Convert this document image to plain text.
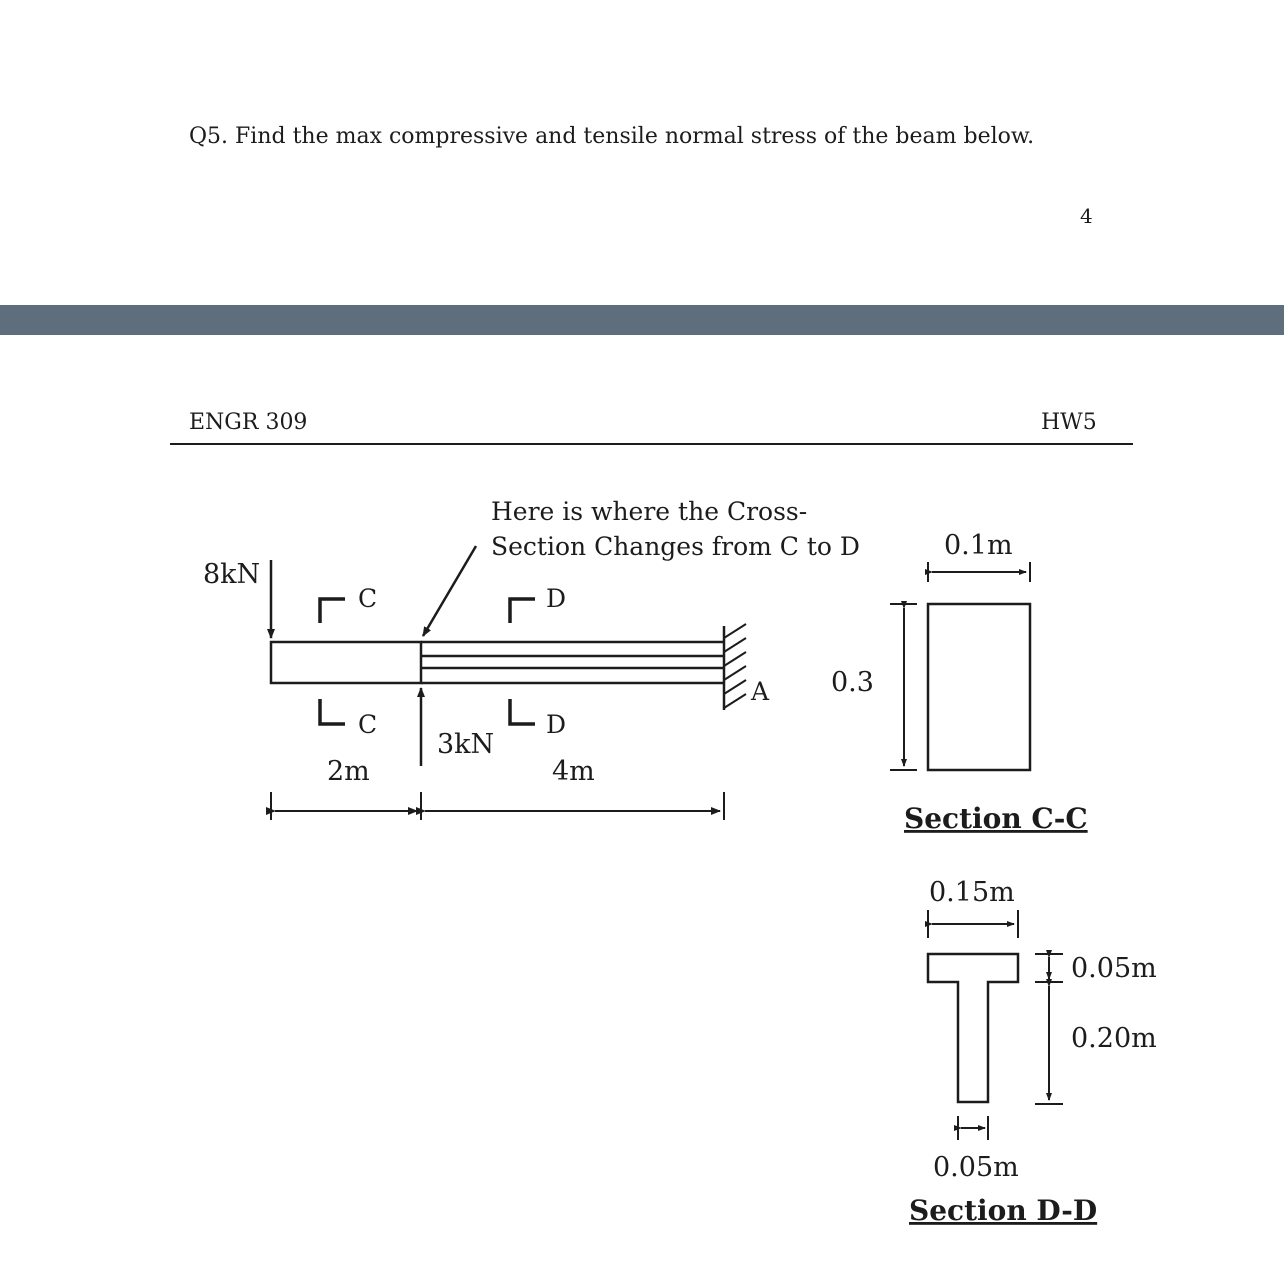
Q5. Find the max compressive and tensile normal stress of the beam below.

4

ENGR 309	HW5

8kN
3kN
Here is where the Cross-
Section Changes from C to D
C
C
D
D
A
2m	4m
0.1m
0.3
Section C-C
0.15m
0.05m
0.20m
0.05m
Section D-D
